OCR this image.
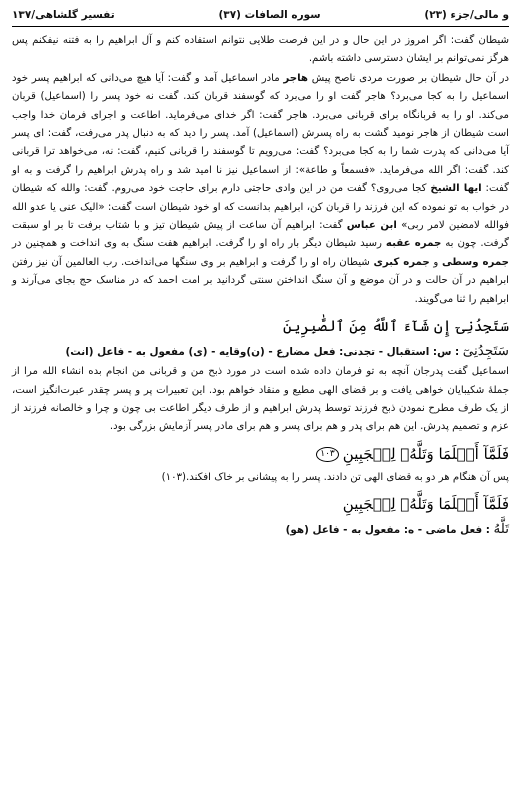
و مالی/جزء (۲۳)
سوره الصافات (۳۷)
تفسیر گلشاهی/۱۳۷

شیطان گفت: اگر امروز در این حال و در این فرصت طلایی نتوانم استفاده کنم و آل ابراهیم را به فتنه نیفکنم پس هرگز نمی‌توانم بر ایشان دسترسی داشته باشم.

در آن حال شیطان بر صورت مردی ناصح پیش هاجر مادر اسماعیل آمد و گفت: آیا هیچ می‌دانی که ابراهیم پسر خود اسماعیل را به کجا می‌برد؟ هاجر گفت او را می‌برد که گوسفند قربان کند. گفت نه خود پسر را (اسماعیل) قربان می‌کند. او را به قربانگاه برای قربانی می‌برد. هاجر گفت: اگر خدای می‌فرماید. اطاعت و اجرای فرمان خدا واجب است شیطان از هاجر نومید گشت به راه پسرش (اسماعیل) آمد. پسر را دید که به دنبال پدر می‌رفت، گفت: ای پسر آیا می‌دانی که پدرت شما را به کجا می‌برد؟ گفت: می‌رویم تا گوسفند را قربانی کنیم، گفت: نه، می‌خواهد ترا قربانی کند. گفت: اگر الله می‌فرماید. «فسمعاً و طاعة»: از اسماعیل نیز نا امید شد و راه پدرش ابراهیم را گرفت و به او گفت: ایها الشیخ کجا می‌روی؟ گفت من در این وادی حاجتی دارم برای حاجت خود می‌روم. گفت: والله که شیطان در خواب به تو نموده که این فرزند را قربان کن، ابراهیم بدانست که او خود شیطان است گفت: «الیک عنی یا عدو الله فوالله لامضین لامر ربی» ابن عباس گفت: ابراهیم آن ساعت از پیش شیطان تیز و با شتاب برفت تا بر او سبقت گرفت. چون به جمره عقبه رسید شیطان دیگر بار راه او را گرفت. ابراهیم هفت سنگ به وی انداخت و همچنین در جمره وسطی و جمره کبری شیطان راه او را گرفت و ابراهیم بر وی سنگها می‌انداخت. رب العالمین آن نیز رفتن ابراهیم در آن حالت و در آن موضع و آن سنگ انداختن سنتی گردانید بر امت احمد که در مناسک حج بجای می‌آرند و ابراهیم را ثنا می‌گویند.

سَتَجِدُنِىٓ إِن شَآءَ ٱللَّهُ مِنَ ٱلصَّٰبِرِينَ

سَتَجِدُنِىٓ : س: استقبال - تجدنی: فعل مضارع - (ن)وقایه - (ی) مفعول به - فاعل (انت)

اسماعیل گفت پدرجان آنچه به تو فرمان داده شده است در مورد ذبح من و قربانی من انجام بده انشاء الله مرا از جملهٔ شکیبایان خواهی یافت و بر قضای الهی مطیع و منقاد خواهم بود. این تعبیرات پر و پسر چقدر عبرت‌انگیز است، از یک طرف مطرح نمودن ذبح فرزند توسط پدرش ابراهیم و از طرف دیگر اطاعت بی چون و چرا و خالصانه فرزند از عزم و تصمیم پدرش. این هم برای پدر و هم برای پسر و هم برای مادر پسر آزمایش بزرگی بود.

فَلَمَّآ أَسۡلَمَا وَتَلَّهُۥ لِلۡجَبِينِ۱۰۳

پس آن هنگام هر دو به قضای الهی تن دادند. پسر را به پیشانی بر خاک افکند.(۱۰۳)

فَلَمَّآ أَسۡلَمَا وَتَلَّهُۥ لِلۡجَبِينِ

تَلَّهُ : فعل ماضی - ه: مفعول به - فاعل (هو)
